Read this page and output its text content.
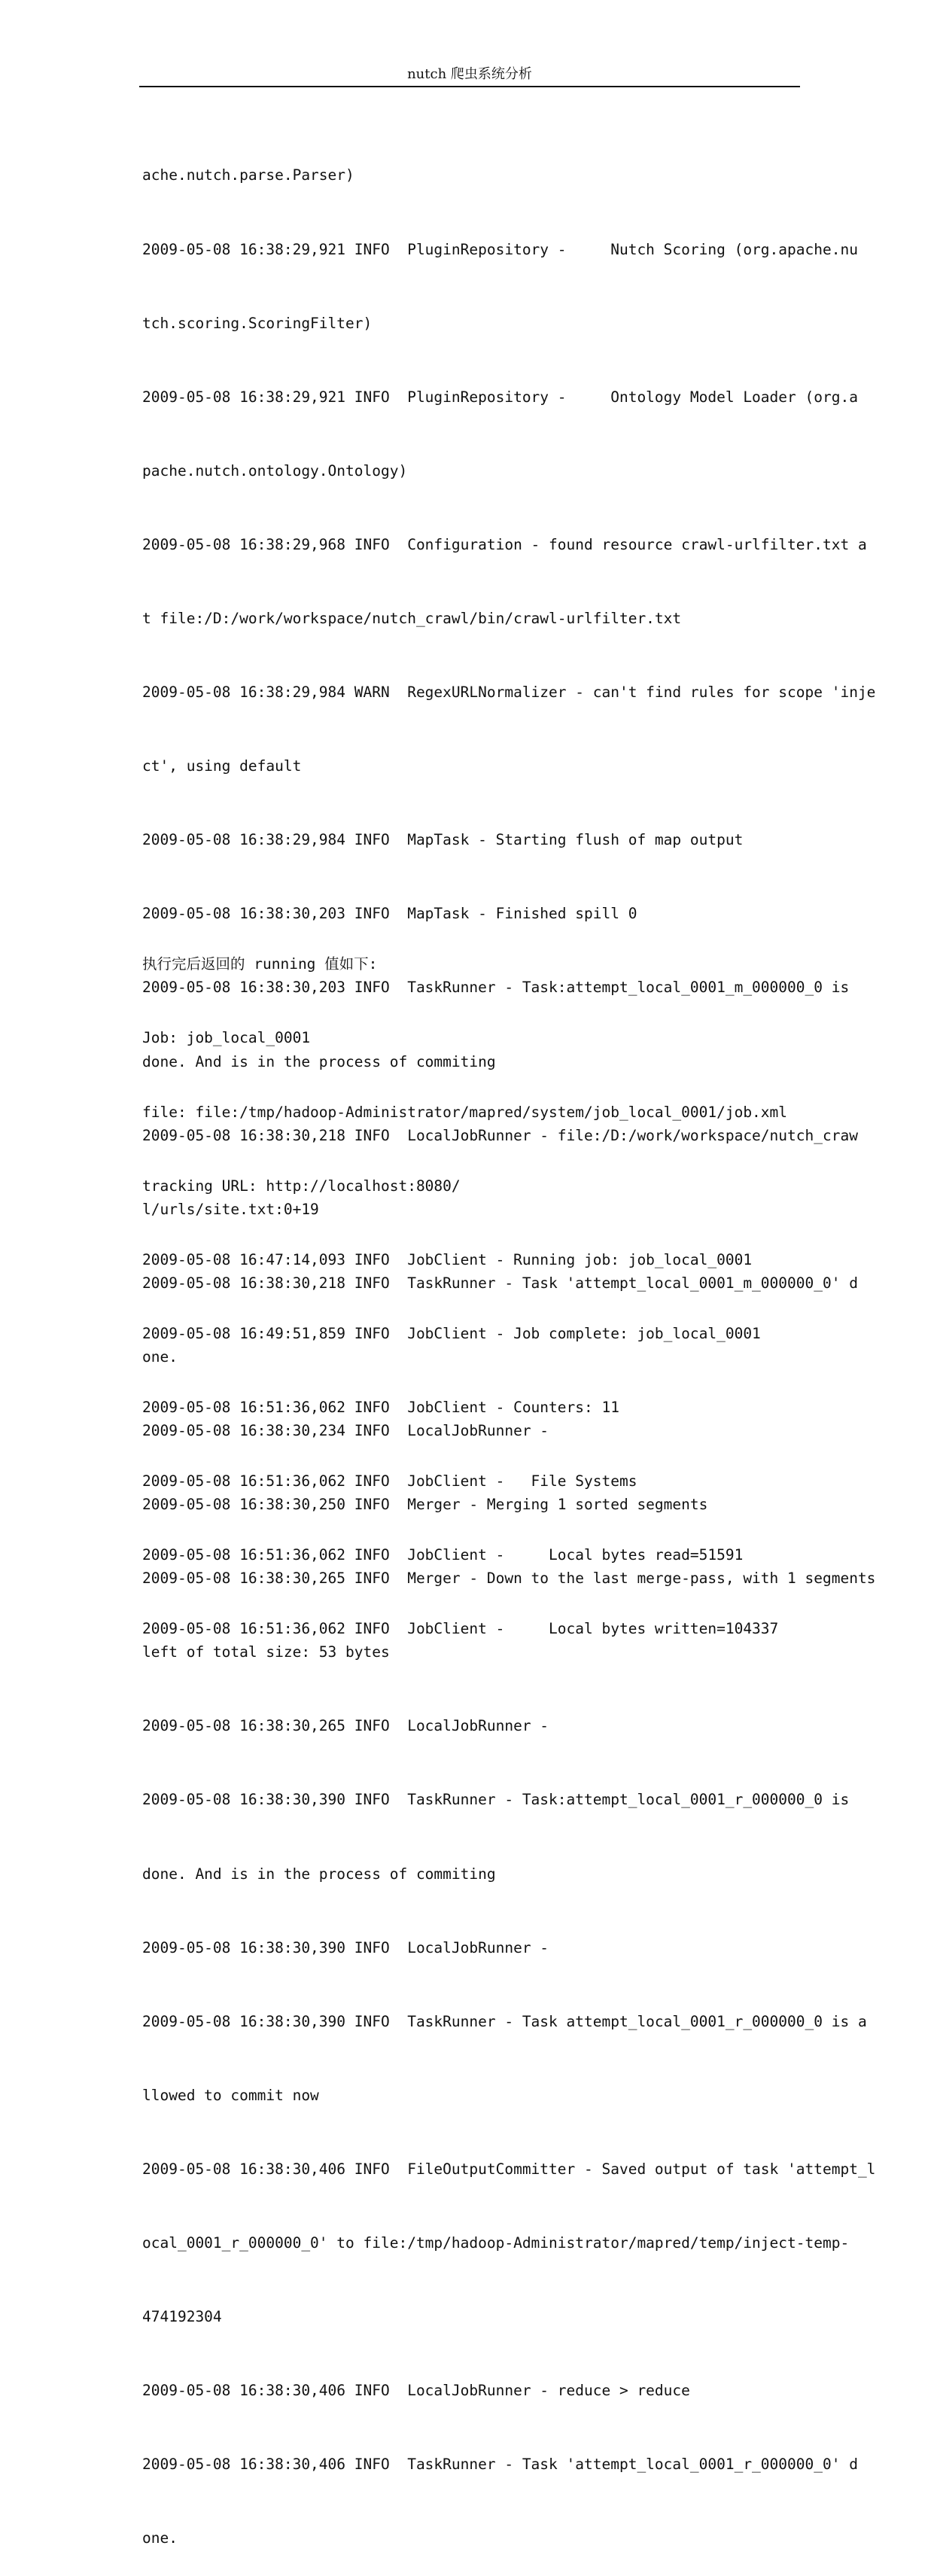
nutch 爬虫系统分析

ache.nutch.parse.Parser)

2009-05-08 16:38:29,921 INFO  PluginRepository -     Nutch Scoring (org.apache.nu

tch.scoring.ScoringFilter)

2009-05-08 16:38:29,921 INFO  PluginRepository -     Ontology Model Loader (org.a

pache.nutch.ontology.Ontology)

2009-05-08 16:38:29,968 INFO  Configuration - found resource crawl-urlfilter.txt a

t file:/D:/work/workspace/nutch_crawl/bin/crawl-urlfilter.txt

2009-05-08 16:38:29,984 WARN  RegexURLNormalizer - can't find rules for scope 'inje

ct', using default

2009-05-08 16:38:29,984 INFO  MapTask - Starting flush of map output

2009-05-08 16:38:30,203 INFO  MapTask - Finished spill 0

2009-05-08 16:38:30,203 INFO  TaskRunner - Task:attempt_local_0001_m_000000_0 is

done. And is in the process of commiting

2009-05-08 16:38:30,218 INFO  LocalJobRunner - file:/D:/work/workspace/nutch_craw

l/urls/site.txt:0+19

2009-05-08 16:38:30,218 INFO  TaskRunner - Task 'attempt_local_0001_m_000000_0' d

one.

2009-05-08 16:38:30,234 INFO  LocalJobRunner -

2009-05-08 16:38:30,250 INFO  Merger - Merging 1 sorted segments

2009-05-08 16:38:30,265 INFO  Merger - Down to the last merge-pass, with 1 segments

left of total size: 53 bytes

2009-05-08 16:38:30,265 INFO  LocalJobRunner -

2009-05-08 16:38:30,390 INFO  TaskRunner - Task:attempt_local_0001_r_000000_0 is

done. And is in the process of commiting

2009-05-08 16:38:30,390 INFO  LocalJobRunner -

2009-05-08 16:38:30,390 INFO  TaskRunner - Task attempt_local_0001_r_000000_0 is a

llowed to commit now

2009-05-08 16:38:30,406 INFO  FileOutputCommitter - Saved output of task 'attempt_l

ocal_0001_r_000000_0' to file:/tmp/hadoop-Administrator/mapred/temp/inject-temp-

474192304

2009-05-08 16:38:30,406 INFO  LocalJobRunner - reduce > reduce

2009-05-08 16:38:30,406 INFO  TaskRunner - Task 'attempt_local_0001_r_000000_0' d

one.

执行完后返回的 running 值如下:

Job: job_local_0001

file: file:/tmp/hadoop-Administrator/mapred/system/job_local_0001/job.xml

tracking URL: http://localhost:8080/

2009-05-08 16:47:14,093 INFO  JobClient - Running job: job_local_0001

2009-05-08 16:49:51,859 INFO  JobClient - Job complete: job_local_0001

2009-05-08 16:51:36,062 INFO  JobClient - Counters: 11

2009-05-08 16:51:36,062 INFO  JobClient -   File Systems

2009-05-08 16:51:36,062 INFO  JobClient -     Local bytes read=51591

2009-05-08 16:51:36,062 INFO  JobClient -     Local bytes written=104337
